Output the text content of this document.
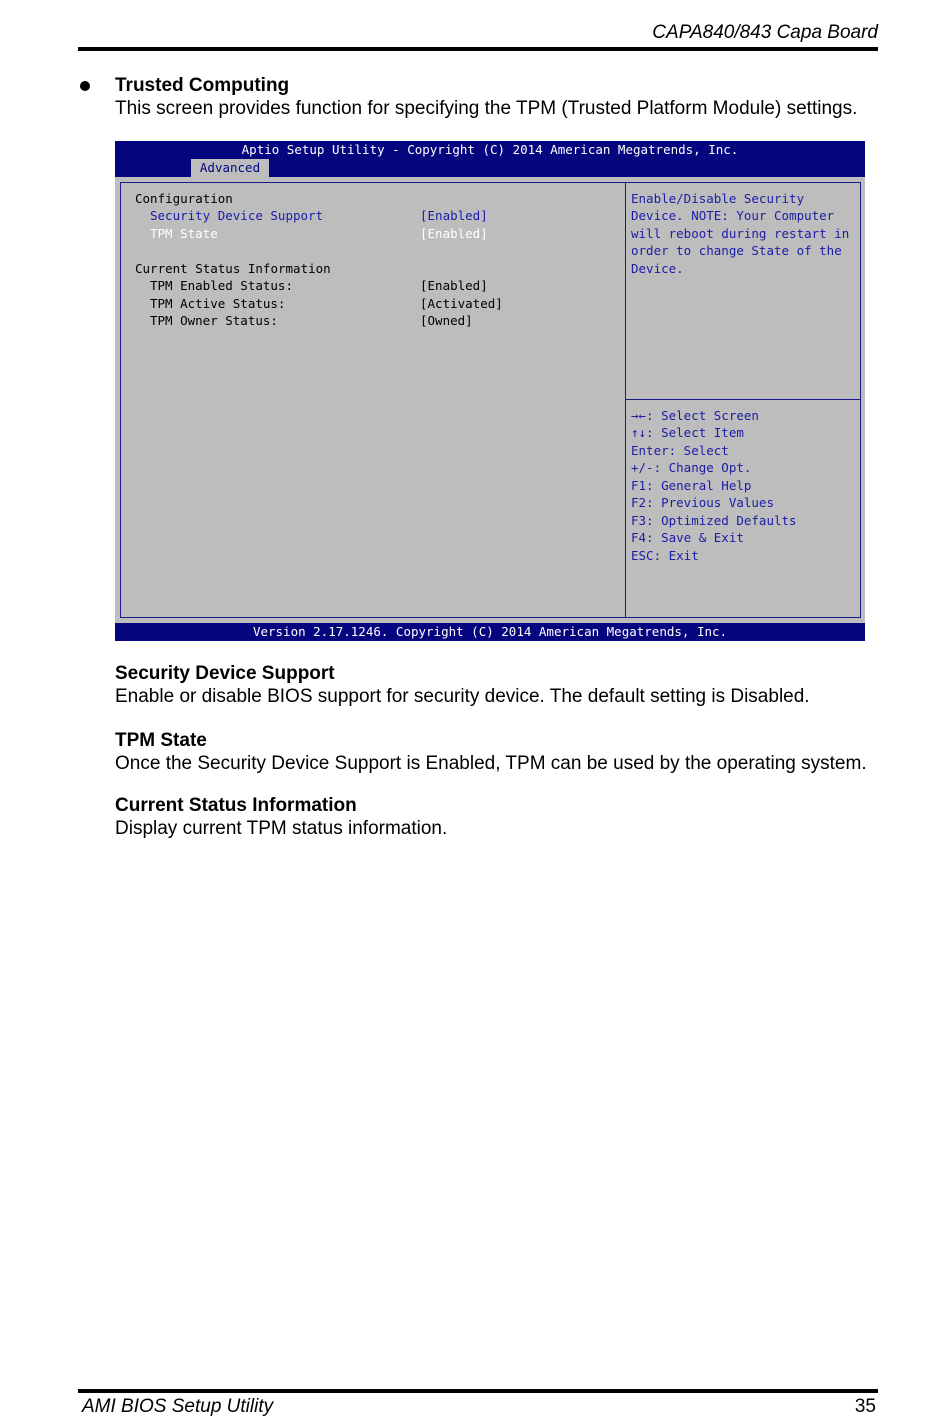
CAPA840/843 Capa Board
Trusted Computing
This screen provides function for specifying the TPM (Trusted Platform Module) settings.
Aptio Setup Utility - Copyright (C) 2014 American Megatrends, Inc.
Advanced
Configuration
Security Device Support	[Enabled]
TPM State	[Enabled]
Current Status Information
TPM Enabled Status:	[Enabled]
TPM Active Status:	[Activated]
TPM Owner Status:	[Owned]
Enable/Disable Security
Device. NOTE: Your Computer
will reboot during restart in
order to change State of the
Device.
→←: Select Screen
↑↓: Select Item
Enter: Select
+/-: Change Opt.
F1: General Help
F2: Previous Values
F3: Optimized Defaults
F4: Save & Exit
ESC: Exit
Version 2.17.1246. Copyright (C) 2014 American Megatrends, Inc.
Security Device Support
Enable or disable BIOS support for security device. The default setting is Disabled.
TPM State
Once the Security Device Support is Enabled, TPM can be used by the operating system.
Current Status Information
Display current TPM status information.
AMI BIOS Setup Utility	35
